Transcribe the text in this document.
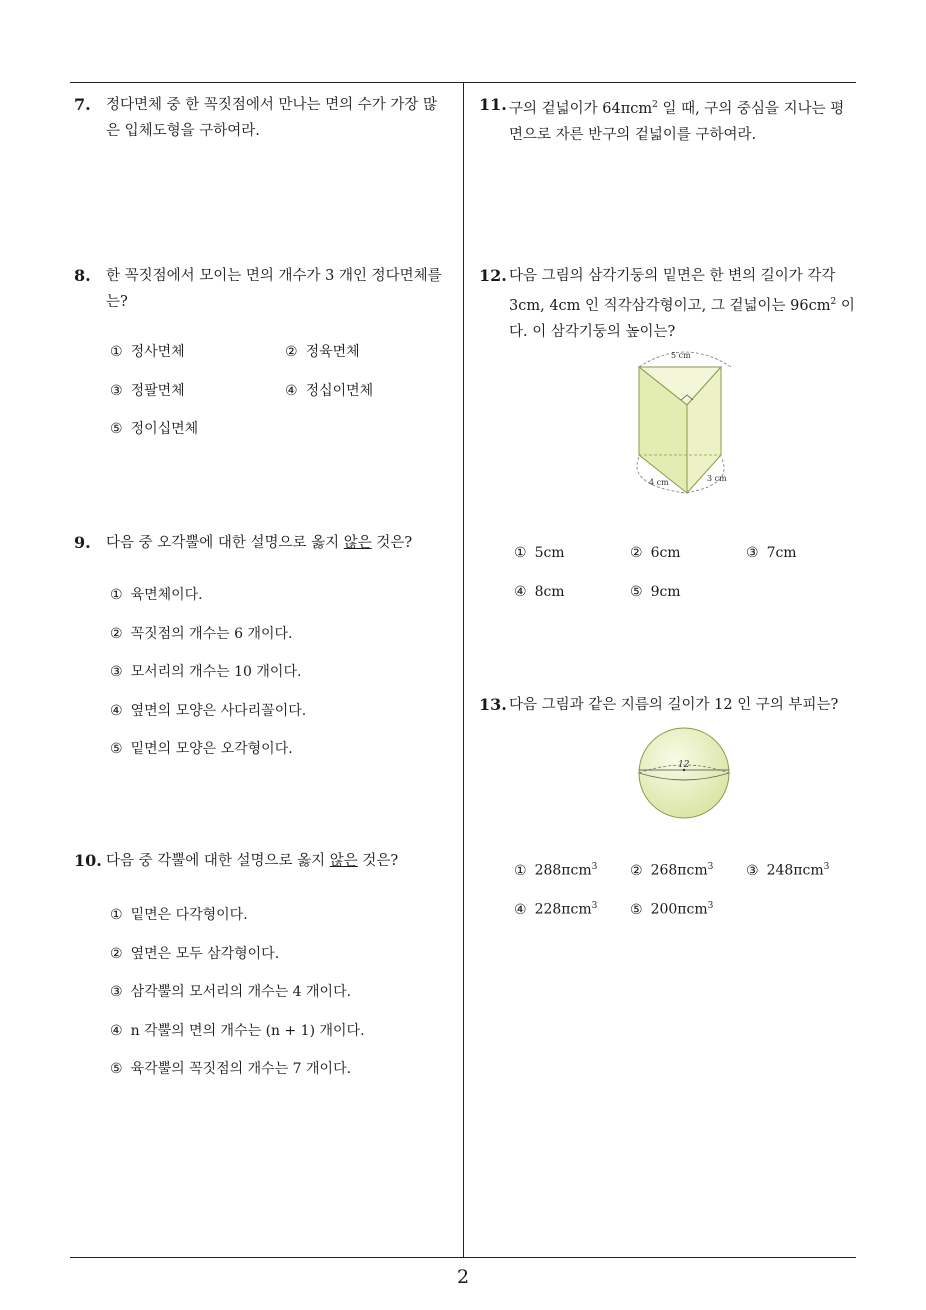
7. 정다면체 중 한 꼭짓점에서 만나는 면의 수가 가장 많
은 입체도형을 구하여라.
8. 한 꼭짓점에서 모이는 면의 개수가 3 개인 정다면체를
는?
① 정사면체	② 정육면체
③ 정팔면체	④ 정십이면체
⑤ 정이십면체
9.	다음 중 오각뿔에 대한 설명으로 옳지 않은 것은?
① 육면체이다.
② 꼭짓점의 개수는 6 개이다.
③ 모서리의 개수는 10 개이다.
④ 옆면의 모양은 사다리꼴이다.
⑤ 밑면의 모양은 오각형이다.
10. 다음 중 각뿔에 대한 설명으로 옳지 않은 것은?
① 밑면은 다각형이다.
② 옆면은 모두 삼각형이다.
③ 삼각뿔의 모서리의 개수는 4 개이다.
④ n 각뿔의 면의 개수는 (n + 1) 개이다.
⑤ 육각뿔의 꼭짓점의 개수는 7 개이다.
11. 구의 겉넓이가 64πcm$^2$ 일 때, 구의 중심을 지나는 평
면으로 자른 반구의 겉넓이를 구하여라.
12. 다음 그림의 삼각기둥의 밑면은 한 변의 길이가 각각
3cm, 4cm 인 직각삼각형이고, 그 겉넓이는 $96cm^2$ 이
다. 이 삼각기둥의 높이는?
5 cm
4 cm	3 cm
① 5cm	② 6cm	③ 7cm
④ 8cm	⑤ 9cm
13. 다음 그림과 같은 지름의 길이가 12 인 구의 부피는?
12
① 288πcm$^3$ ② 268πcm$^3$ ③ 248πcm$^3$
④ 228πcm$^3$ ⑤ 200πcm$^3$
2
